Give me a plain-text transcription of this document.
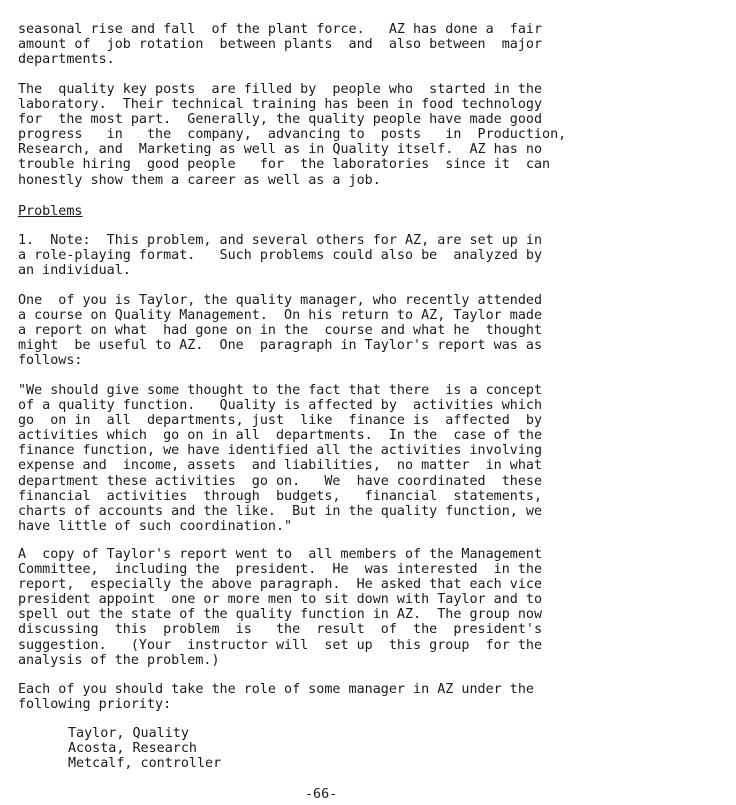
seasonal rise and fall  of the plant force.   AZ has done a  fair
amount of  job rotation  between plants  and  also between  major
departments.
The  quality key posts  are filled by  people who  started in the
laboratory.  Their technical training has been in food technology
for  the most part.  Generally, the quality people have made good
progress   in   the  company,  advancing to  posts   in  Production,
Research, and  Marketing as well as in Quality itself.  AZ has no
trouble hiring  good people   for  the laboratories  since it  can
honestly show them a career as well as a job.
Problems
1.  Note:  This problem, and several others for AZ, are set up in
a role-playing format.   Such problems could also be  analyzed by
an individual.
One  of you is Taylor, the quality manager, who recently attended
a course on Quality Management.  On his return to AZ, Taylor made
a report on what  had gone on in the  course and what he  thought
might  be useful to AZ.  One  paragraph in Taylor's report was as
follows:
"We should give some thought to the fact that there  is a concept
of a quality function.   Quality is affected by  activities which
go  on in  all  departments, just  like  finance is  affected  by
activities which  go on in all  departments.  In the  case of the
finance function, we have identified all the activities involving
expense and  income, assets  and liabilities,  no matter  in what
department these activities  go on.   We  have coordinated  these
financial  activities  through  budgets,   financial  statements,
charts of accounts and the like.  But in the quality function, we
have little of such coordination."
A  copy of Taylor's report went to  all members of the Management
Committee,  including the  president.  He  was interested  in the
report,  especially the above paragraph.  He asked that each vice
president appoint  one or more men to sit down with Taylor and to
spell out the state of the quality function in AZ.  The group now
discussing  this  problem  is   the  result  of  the  president's
suggestion.   (Your  instructor will  set up  this group  for the
analysis of the problem.)
Each of you should take the role of some manager in AZ under the
following priority:
Taylor, Quality
Acosta, Research
Metcalf, controller
-66-
